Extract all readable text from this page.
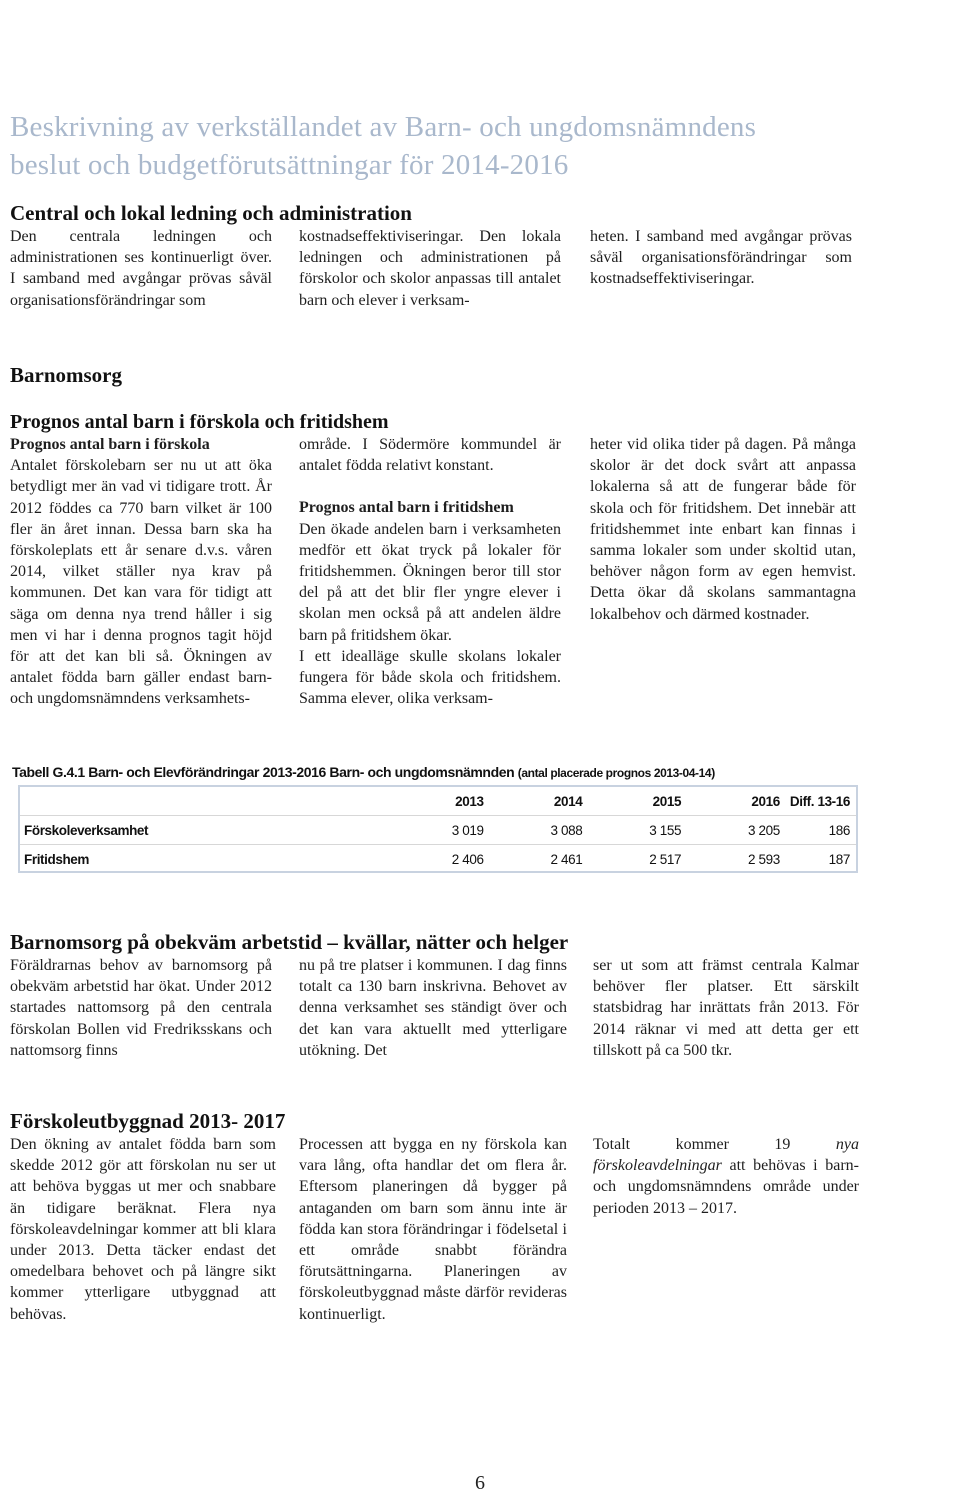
Beskrivning av verkställandet av Barn- och ungdomsnämndens
beslut och budgetförutsättningar för 2014-2016
Central och lokal ledning och administration

Den centrala ledningen och administrationen ses kontinuerligt över. I samband med avgångar prövas såväl organisationsförändringar som

kostnadseffektiviseringar. Den lokala ledningen och administrationen på förskolor och skolor anpassas till antalet barn och elever i verksam-

heten. I samband med avgångar prövas såväl organisationsförändringar som kostnadseffektiviseringar.

Barnomsorg
Prognos antal barn i förskola och fritidshem

Prognos antal barn i förskola

Antalet förskolebarn ser nu ut att öka betydligt mer än vad vi tidigare trott. År 2012 föddes ca 770 barn vilket är 100 fler än året innan. Dessa barn ska ha förskoleplats ett år senare d.v.s. våren 2014, vilket ställer nya krav på kommunen. Det kan vara för tidigt att säga om denna nya trend håller i sig men vi har i denna prognos tagit höjd för att det kan bli så. Ökningen av antalet födda barn gäller endast barn- och ungdomsnämndens verksamhets-

område. I Södermöre kommundel är antalet födda relativt konstant.

Prognos antal barn i fritidshem

Den ökade andelen barn i verksamheten medför ett ökat tryck på lokaler för fritidshemmen. Ökningen beror till stor del på att det blir fler yngre elever i skolan men också på att andelen äldre barn på fritidshem ökar.

I ett idealläge skulle skolans lokaler fungera för både skola och fritidshem. Samma elever, olika verksam-

heter vid olika tider på dagen. På många skolor är det dock svårt att anpassa lokalerna så att de fungerar både för skola och för fritidshem. Det innebär att fritidshemmet inte enbart kan finnas i samma lokaler som under skoltid utan, behöver någon form av egen hemvist. Detta ökar då skolans sammantagna lokalbehov och därmed kostnader.

Tabell G.4.1 Barn- och Elevförändringar 2013-2016 Barn- och ungdomsnämnden (antal placerade prognos 2013-04-14)
	2013	2014	2015	2016	Diff. 13-16
Förskoleverksamhet	3 019	3 088	3 155	3 205	186
Fritidshem	2 406	2 461	2 517	2 593	187
Barnomsorg på obekväm arbetstid – kvällar, nätter och helger

Föräldrarnas behov av barnomsorg på obekväm arbetstid har ökat. Under 2012 startades nattomsorg på den centrala förskolan Bollen vid Fredriksskans och nattomsorg finns

nu på tre platser i kommunen. I dag finns totalt ca 130 barn inskrivna. Behovet av denna verksamhet ses ständigt över och det kan vara aktuellt med ytterligare utökning. Det

ser ut som att främst centrala Kalmar behöver fler platser. Ett särskilt statsbidrag har inrättats från 2013. För 2014 räknar vi med att detta ger ett tillskott på ca 500 tkr.

Förskoleutbyggnad 2013- 2017

Den ökning av antalet födda barn som skedde 2012 gör att förskolan nu ser ut att behöva byggas ut mer och snabbare än tidigare beräknat. Flera nya förskoleavdelningar kommer att bli klara under 2013. Detta täcker endast det omedelbara behovet och på längre sikt kommer ytterligare utbyggnad att behövas.

Processen att bygga en ny förskola kan vara lång, ofta handlar det om flera år. Eftersom planeringen då bygger på antaganden om barn som ännu inte är födda kan stora förändringar i födelsetal i ett område snabbt förändra förutsättningarna. Planeringen av förskoleutbyggnad måste därför revideras kontinuerligt.

Totalt kommer 19	nya förskoleavdelningar att behövas i barn- och ungdomsnämndens område under perioden 2013 – 2017.

6
